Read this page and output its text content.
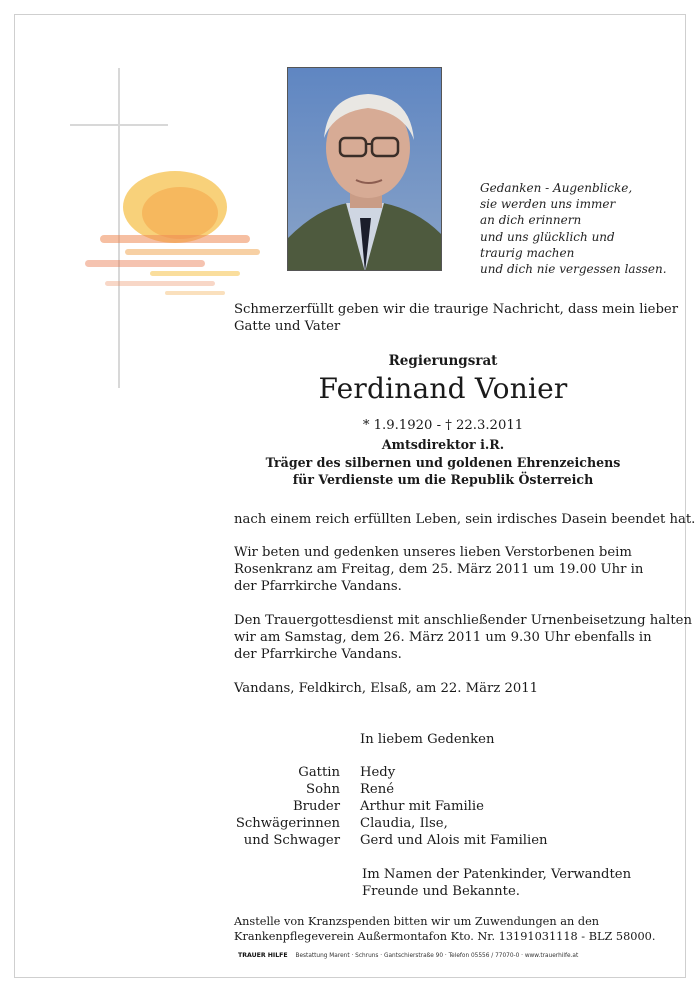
Gedanken - Augenblicke,
sie werden uns immer
an dich erinnern
und uns glücklich und
traurig machen
und dich nie vergessen lassen.
Schmerzerfüllt geben wir die traurige Nachricht, dass mein lieber
Gatte und Vater
Regierungsrat
Ferdinand Vonier
* 1.9.1920 - † 22.3.2011
Amtsdirektor i.R.
Träger des silbernen und goldenen Ehrenzeichens
für Verdienste um die Republik Österreich
nach einem reich erfüllten Leben, sein irdisches Dasein beendet hat.
Wir beten und gedenken unseres lieben Verstorbenen beim
Rosenkranz am Freitag, dem 25. März 2011 um 19.00 Uhr in
der Pfarrkirche Vandans.
Den Trauergottesdienst mit anschließender Urnenbeisetzung halten
wir am Samstag, dem 26. März 2011 um 9.30 Uhr ebenfalls in
der Pfarrkirche Vandans.
Vandans, Feldkirch, Elsaß, am 22. März 2011
In liebem Gedenken
Gattin
Sohn
Bruder
Schwägerinnen
und Schwager
Hedy
René
Arthur mit Familie
Claudia, Ilse,
Gerd und Alois mit Familien
Im Namen der Patenkinder, Verwandten
Freunde und Bekannte.
Anstelle von Kranzspenden bitten wir um Zuwendungen an den
Krankenpflegeverein Außermontafon Kto. Nr. 13191031118 - BLZ 58000.
TRAUER HILFE Bestattung Marent · Schruns · Gantschierstraße 90 · Telefon 05556 / 77070-0 · www.trauerhilfe.at
